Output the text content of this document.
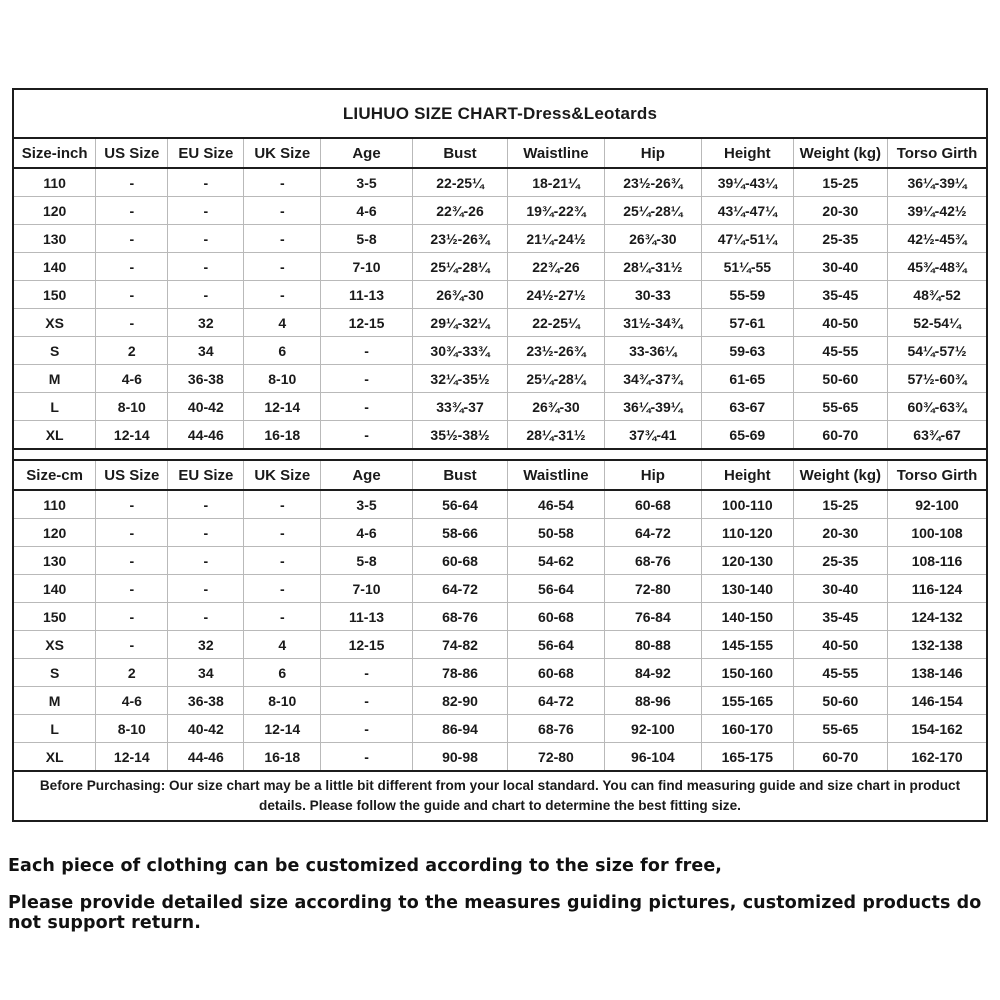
LIUHUO SIZE CHART-Dress&Leotards										
Size-inch	US Size	EU Size	UK Size	Age	Bust	Waistline	Hip	Height	Weight (kg)	Torso Girth
110	-	-	-	3-5	22-25¼	18-21¼	23½-26¾	39¼-43¼	15-25	36¼-39¼
120	-	-	-	4-6	22¾-26	19¾-22¾	25¼-28¼	43¼-47¼	20-30	39¼-42½
130	-	-	-	5-8	23½-26¾	21¼-24½	26¾-30	47¼-51¼	25-35	42½-45¾
140	-	-	-	7-10	25¼-28¼	22¾-26	28¼-31½	51¼-55	30-40	45¾-48¾
150	-	-	-	11-13	26¾-30	24½-27½	30-33	55-59	35-45	48¾-52
XS	-	32	4	12-15	29¼-32¼	22-25¼	31½-34¾	57-61	40-50	52-54¼
S	2	34	6	-	30¾-33¾	23½-26¾	33-36¼	59-63	45-55	54¼-57½
M	4-6	36-38	8-10	-	32¼-35½	25¼-28¼	34¾-37¾	61-65	50-60	57½-60¾
L	8-10	40-42	12-14	-	33¾-37	26¾-30	36¼-39¼	63-67	55-65	60¾-63¾
XL	12-14	44-46	16-18	-	35½-38½	28¼-31½	37¾-41	65-69	60-70	63¾-67

Size-cm	US Size	EU Size	UK Size	Age	Bust	Waistline	Hip	Height	Weight (kg)	Torso Girth
110	-	-	-	3-5	56-64	46-54	60-68	100-110	15-25	92-100
120	-	-	-	4-6	58-66	50-58	64-72	110-120	20-30	100-108
130	-	-	-	5-8	60-68	54-62	68-76	120-130	25-35	108-116
140	-	-	-	7-10	64-72	56-64	72-80	130-140	30-40	116-124
150	-	-	-	11-13	68-76	60-68	76-84	140-150	35-45	124-132
XS	-	32	4	12-15	74-82	56-64	80-88	145-155	40-50	132-138
S	2	34	6	-	78-86	60-68	84-92	150-160	45-55	138-146
M	4-6	36-38	8-10	-	82-90	64-72	88-96	155-165	50-60	146-154
L	8-10	40-42	12-14	-	86-94	68-76	92-100	160-170	55-65	154-162
XL	12-14	44-46	16-18	-	90-98	72-80	96-104	165-175	60-70	162-170
Before Purchasing: Our size chart may be a little bit different from your local standard. You can find measuring guide and size chart in product details. Please follow the guide and chart to determine the best fitting size.										

Each piece of clothing can be customized according to the size for free,

Please provide detailed size according to the measures guiding pictures, customized products do not support return.
